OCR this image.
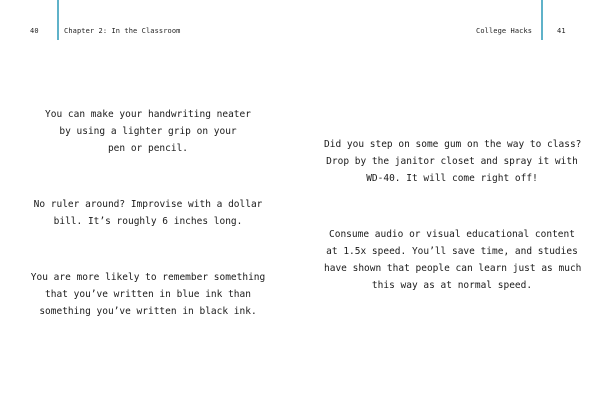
40	Chapter 2: In the Classroom	College Hacks	41

You can make your handwriting neater
by using a lighter grip on your
pen or pencil.

No ruler around? Improvise with a dollar
bill. It’s roughly 6 inches long.

You are more likely to remember something
that you’ve written in blue ink than
something you’ve written in black ink.

Did you step on some gum on the way to class?
Drop by the janitor closet and spray it with
WD-40. It will come right off!

Consume audio or visual educational content
at 1.5x speed. You’ll save time, and studies
have shown that people can learn just as much
this way as at normal speed.
